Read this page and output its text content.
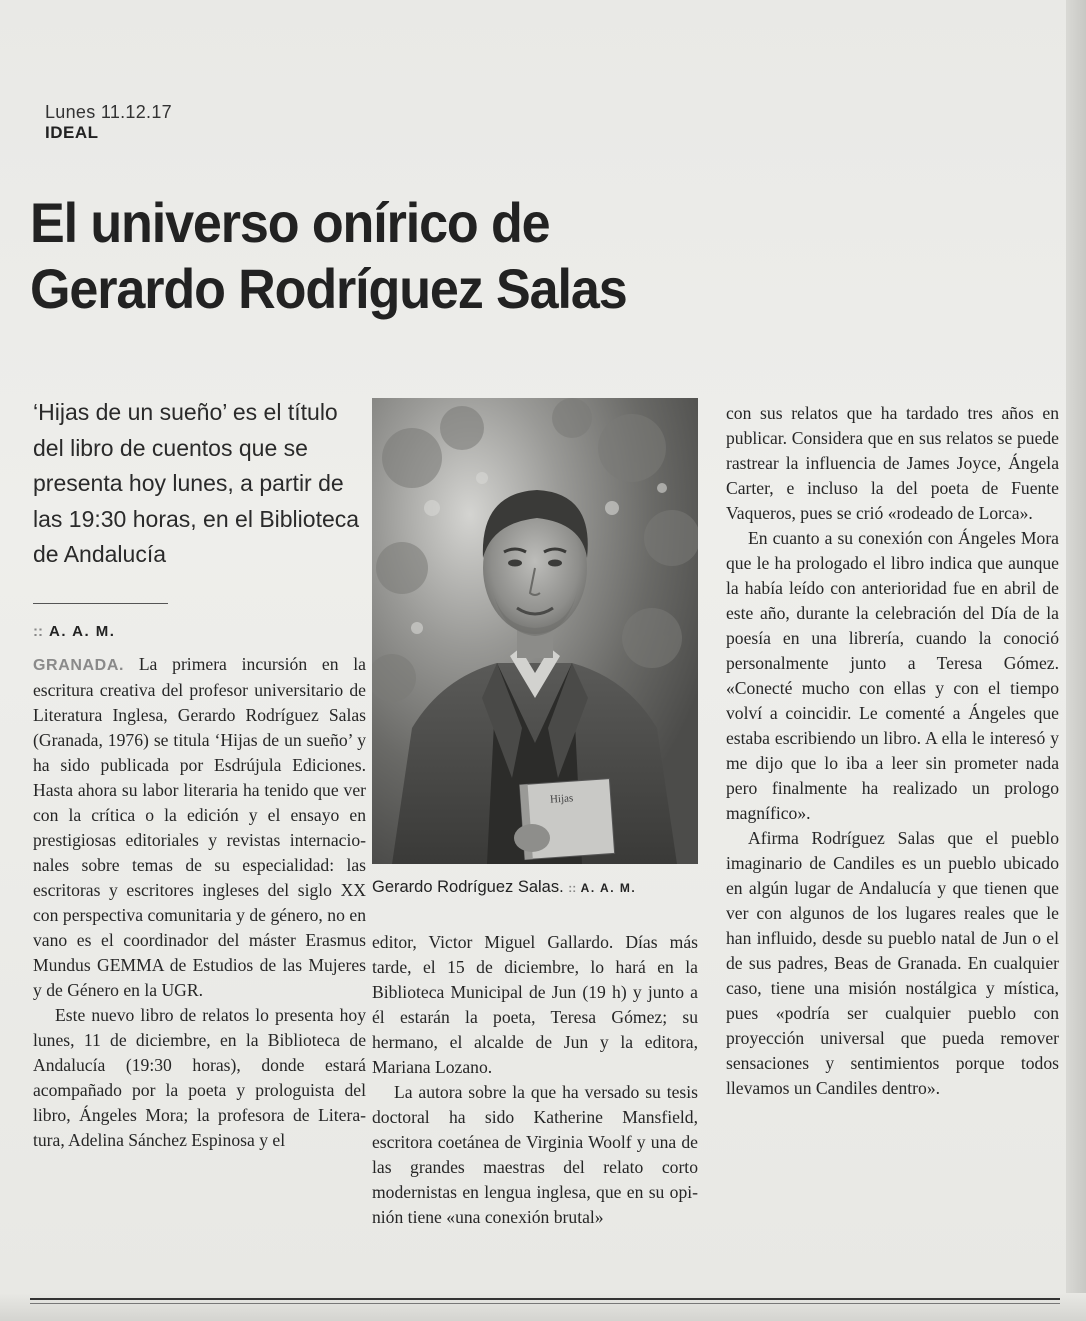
Lunes 11.12.17
IDEAL
El universo onírico de
Gerardo Rodríguez Salas
‘Hijas de un sueño’ es el título del libro de cuentos que se presenta hoy lunes, a partir de las 19:30 horas, en el Biblioteca de Andalucía
:: A. A. M.
Hijas
Gerardo Rodríguez Salas. :: A. A. M.

GRANADA. La primera incursión en la escritura creativa del profesor universitario de Literatura Inglesa, Gerardo Rodríguez Salas (Granada, 1976) se titula ‘Hijas de un sueño’ y ha sido publicada por Esdrújula Ediciones. Hasta ahora su labor literaria ha tenido que ver con la crítica o la edición y el ensayo en prestigiosas editoriales y revistas internacionales sobre temas de su especialidad: las escritoras y escritores ingleses del siglo XX con perspectiva comunitaria y de género, no en vano es el coordinador del máster Erasmus Mundus GEMMA de Estudios de las Mujeres y de Género en la UGR.

Este nuevo libro de relatos lo presenta hoy lunes, 11 de diciembre, en la Biblioteca de Andalucía (19:30 horas), donde estará acompañado por la poeta y prologuista del libro, Ángeles Mora; la profesora de Literatura, Adelina Sánchez Espinosa y el

editor, Victor Miguel Gallardo. Días más tarde, el 15 de diciembre, lo hará en la Biblioteca Municipal de Jun (19 h) y junto a él estarán la poeta, Teresa Gómez; su hermano, el alcalde de Jun y la editora, Mariana Lozano.

La autora sobre la que ha versado su tesis doctoral ha sido Katherine Mansfield, escritora coetánea de Virginia Woolf y una de las grandes maestras del relato corto modernistas en lengua inglesa, que en su opinión tiene «una conexión brutal»

con sus relatos que ha tardado tres años en publicar. Considera que en sus relatos se puede rastrear la influencia de James Joyce, Ángela Carter, e incluso la del poeta de Fuente Vaqueros, pues se crió «rodeado de Lorca».

En cuanto a su conexión con Ángeles Mora que le ha prologado el libro indica que aunque la había leído con anterioridad fue en abril de este año, durante la celebración del Día de la poesía en una librería, cuando la conoció personalmente junto a Teresa Gómez. «Conecté mucho con ellas y con el tiempo volví a coincidir. Le comenté a Ángeles que estaba escribiendo un libro. A ella le interesó y me dijo que lo iba a leer sin prometer nada pero finalmente ha realizado un prologo magnífico».

Afirma Rodríguez Salas que el pueblo imaginario de Candiles es un pueblo ubicado en algún lugar de Andalucía y que tienen que ver con algunos de los lugares reales que le han influido, desde su pueblo natal de Jun o el de sus padres, Beas de Granada. En cualquier caso, tiene una misión nostálgica y mística, pues «podría ser cualquier pueblo con proyección universal que pueda remover sensaciones y sentimientos porque todos llevamos un Candiles dentro».
